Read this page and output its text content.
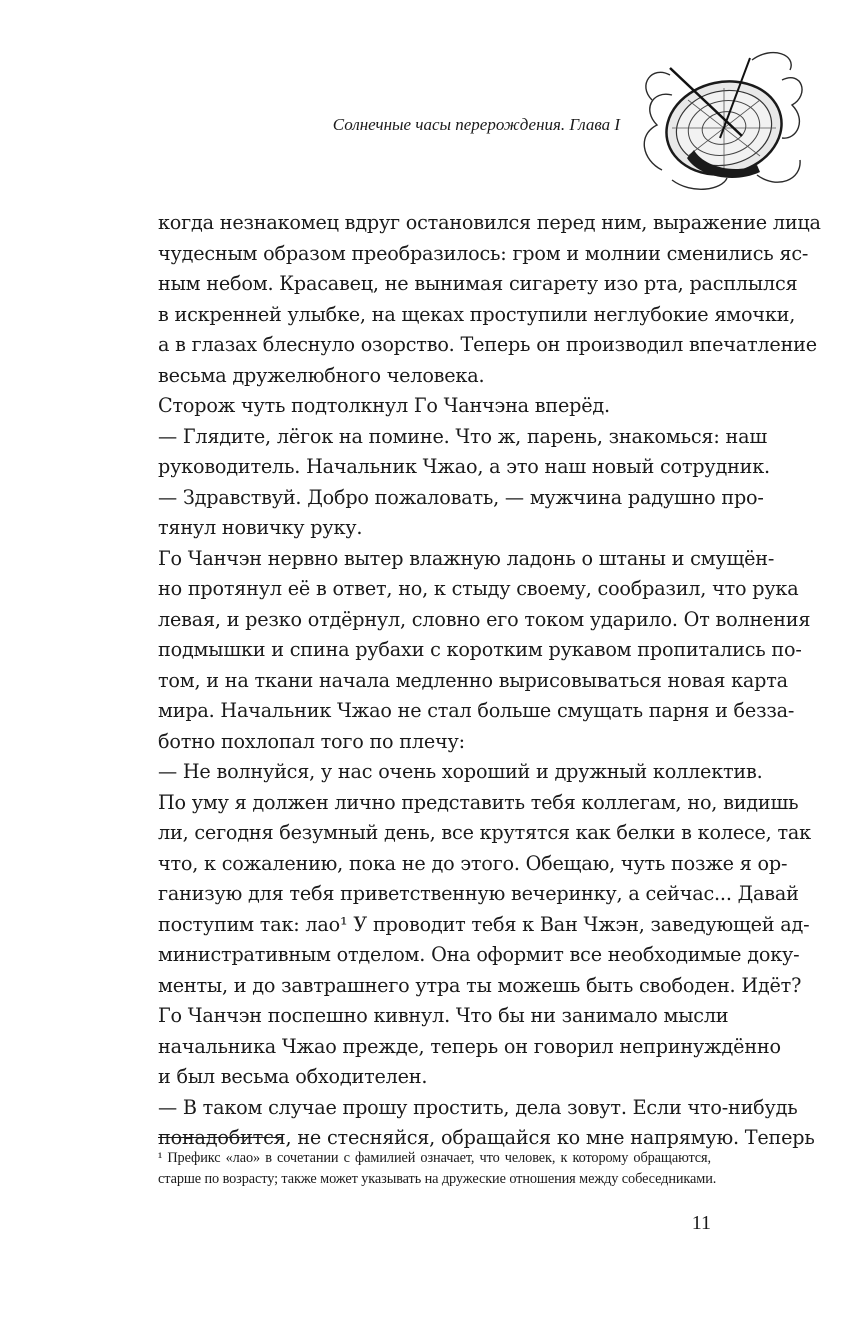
Солнечные часы перерождения. Глава I
когда незнакомец вдруг остановился перед ним, выражение лица
чудесным образом преобразилось: гром и молнии сменились яс-
ным небом. Красавец, не вынимая сигарету изо рта, расплылся
в искренней улыбке, на щеках проступили неглубокие ямочки,
а в глазах блеснуло озорство. Теперь он производил впечатление
весьма дружелюбного человека.
Сторож чуть подтолкнул Го Чанчэна вперёд.
— Глядите, лёгок на помине. Что ж, парень, знакомься: наш
руководитель. Начальник Чжао, а это наш новый сотрудник.
— Здравствуй. Добро пожаловать, — мужчина радушно про-
тянул новичку руку.
Го Чанчэн нервно вытер влажную ладонь о штаны и смущён-
но протянул её в ответ, но, к стыду своему, сообразил, что рука
левая, и резко отдёрнул, словно его током ударило. От волнения
подмышки и спина рубахи с коротким рукавом пропитались по-
том, и на ткани начала медленно вырисовываться новая карта
мира. Начальник Чжао не стал больше смущать парня и безза-
ботно похлопал того по плечу:
— Не волнуйся, у нас очень хороший и дружный коллектив.
По уму я должен лично представить тебя коллегам, но, видишь
ли, сегодня безумный день, все крутятся как белки в колесе, так
что, к сожалению, пока не до этого. Обещаю, чуть позже я ор-
ганизую для тебя приветственную вечеринку, а сейчас... Давай
поступим так: лао¹ У проводит тебя к Ван Чжэн, заведующей ад-
министративным отделом. Она оформит все необходимые доку-
менты, и до завтрашнего утра ты можешь быть свободен. Идёт?
Го Чанчэн поспешно кивнул. Что бы ни занимало мысли
начальника Чжао прежде, теперь он говорил непринуждённо
и был весьма обходителен.
— В таком случае прошу простить, дела зовут. Если что-нибудь
понадобится, не стесняйся, обращайся ко мне напрямую. Теперь
¹ Префикс «лао» в сочетании с фамилией означает, что человек, к которому обращаются,
старше по возрасту; также может указывать на дружеские отношения между собеседниками.
11
